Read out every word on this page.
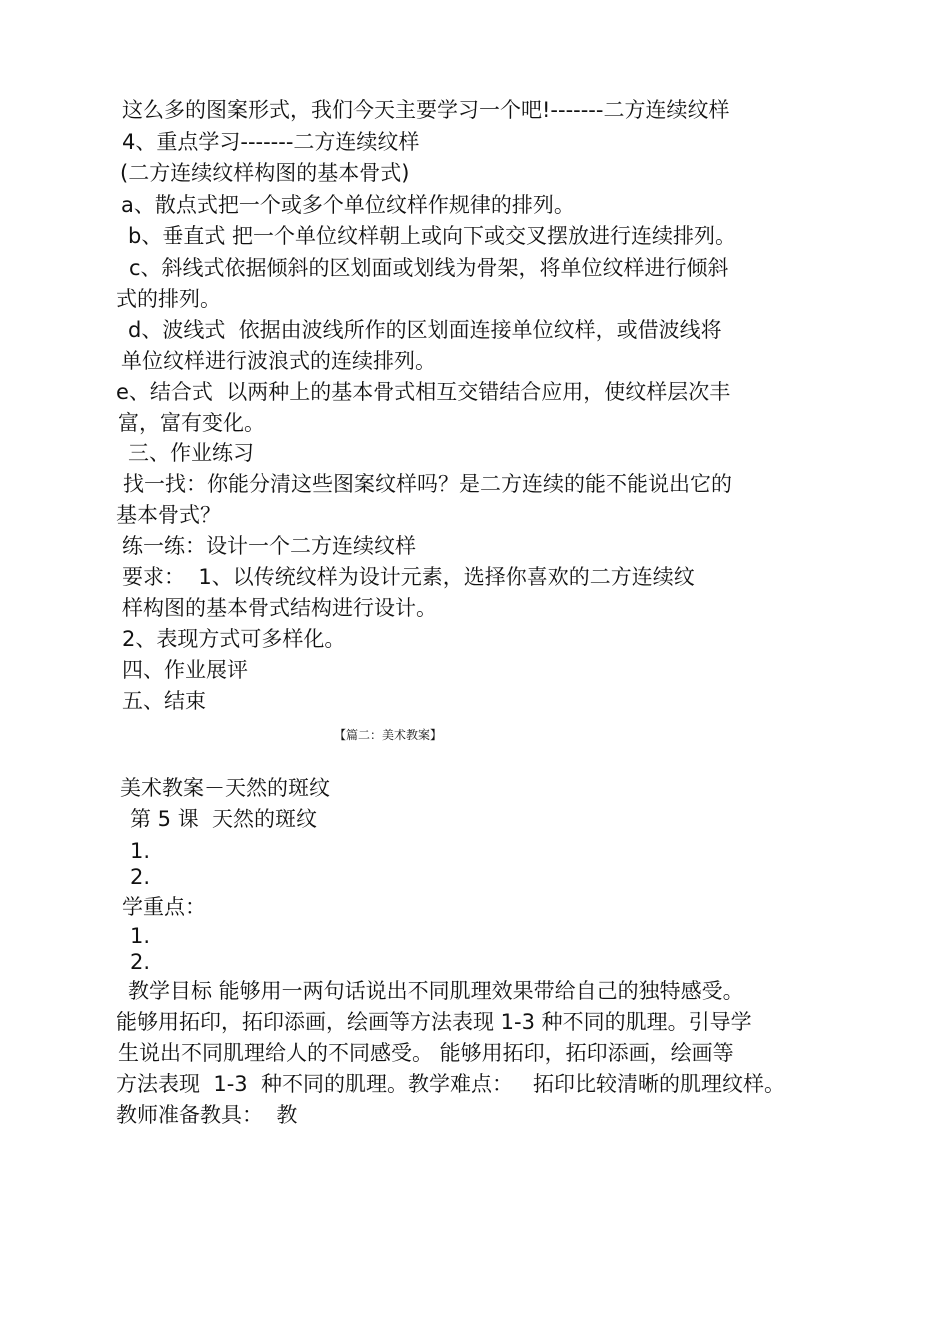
这么多的图案形式，我们今天主要学习一个吧!-------二方连续纹样
4、重点学习-------二方连续纹样
(二方连续纹样构图的基本骨式)
a、散点式把一个或多个单位纹样作规律的排列。
b、垂直式 把一个单位纹样朝上或向下或交叉摆放进行连续排列。
c、斜线式依据倾斜的区划面或划线为骨架，将单位纹样进行倾斜
式的排列。
d、波线式  依据由波线所作的区划面连接单位纹样，或借波线将
单位纹样进行波浪式的连续排列。
e、结合式  以两种上的基本骨式相互交错结合应用，使纹样层次丰
富，富有变化。
三、作业练习
找一找：你能分清这些图案纹样吗？是二方连续的能不能说出它的
基本骨式？
练一练：设计一个二方连续纹样
要求：  1、以传统纹样为设计元素，选择你喜欢的二方连续纹
样构图的基本骨式结构进行设计。
2、表现方式可多样化。
四、作业展评
五、结束
【篇二：美术教案】
美术教案－天然的斑纹
第 5 课  天然的斑纹
1.
2.
学重点：
1.
2.
教学目标 能够用一两句话说出不同肌理效果带给自己的独特感受。
能够用拓印，拓印添画，绘画等方法表现 1-3 种不同的肌理。引导学
生说出不同肌理给人的不同感受。 能够用拓印，拓印添画，绘画等
方法表现  1-3  种不同的肌理。教学难点：   拓印比较清晰的肌理纹样。
教师准备教具：  教
